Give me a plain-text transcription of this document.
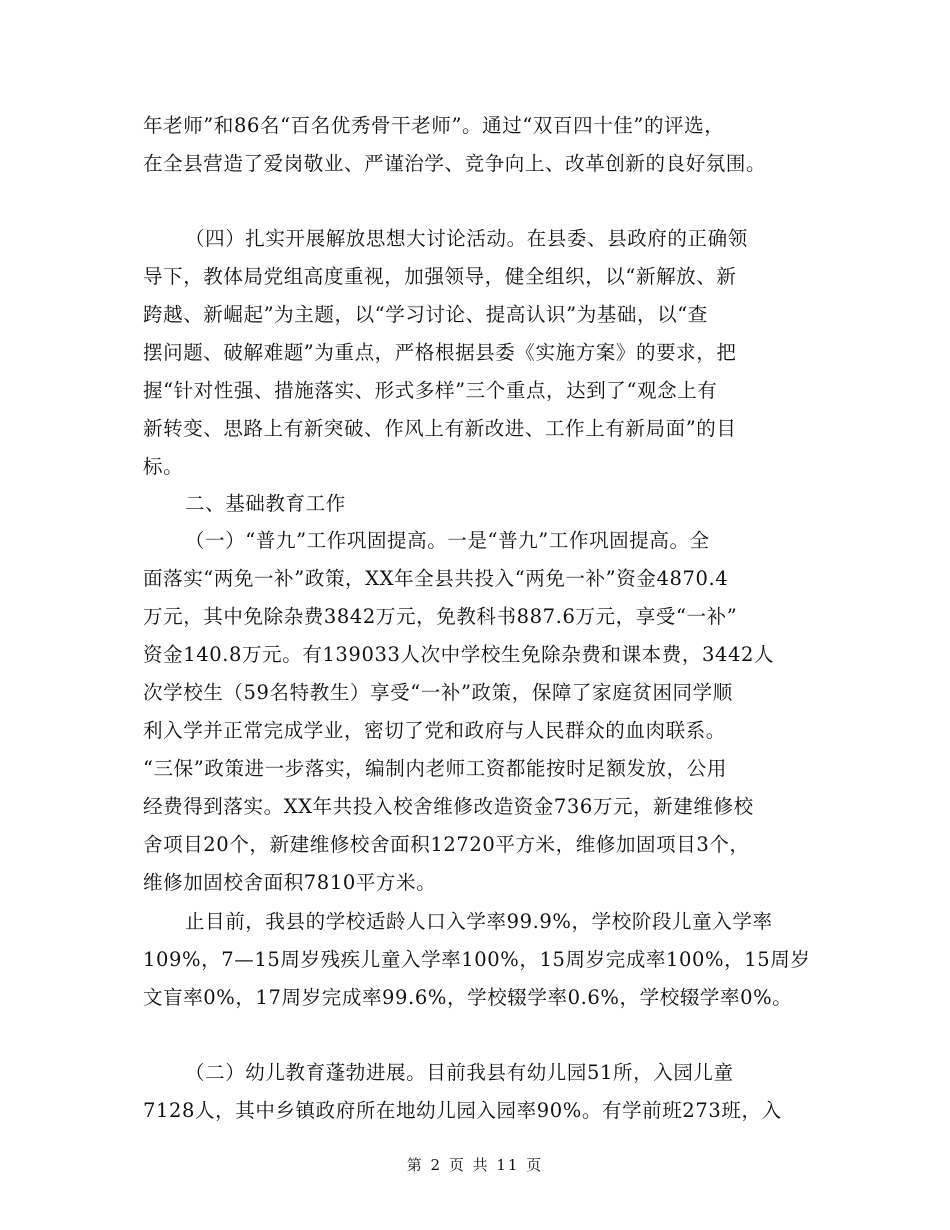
年老师”和86名“百名优秀骨干老师”。通过“双百四十佳”的评选，
在全县营造了爱岗敬业、严谨治学、竞争向上、改革创新的良好氛围。
（四）扎实开展解放思想大讨论活动。在县委、县政府的正确领
导下，教体局党组高度重视，加强领导，健全组织，以“新解放、新
跨越、新崛起”为主题，以“学习讨论、提高认识”为基础，以“查
摆问题、破解难题”为重点，严格根据县委《实施方案》的要求，把
握“针对性强、措施落实、形式多样”三个重点，达到了“观念上有
新转变、思路上有新突破、作风上有新改进、工作上有新局面”的目
标。
二、基础教育工作
（一）“普九”工作巩固提高。一是“普九”工作巩固提高。全
面落实“两免一补”政策，XX年全县共投入“两免一补”资金4870.4
万元，其中免除杂费3842万元，免教科书887.6万元，享受“一补”
资金140.8万元。有139033人次中学校生免除杂费和课本费，3442人
次学校生（59名特教生）享受“一补”政策，保障了家庭贫困同学顺
利入学并正常完成学业，密切了党和政府与人民群众的血肉联系。
“三保”政策进一步落实，编制内老师工资都能按时足额发放，公用
经费得到落实。XX年共投入校舍维修改造资金736万元，新建维修校
舍项目20个，新建维修校舍面积12720平方米，维修加固项目3个，
维修加固校舍面积7810平方米。
止目前，我县的学校适龄人口入学率99.9%，学校阶段儿童入学率
109%，7—15周岁残疾儿童入学率100%，15周岁完成率100%，15周岁
文盲率0%，17周岁完成率99.6%，学校辍学率0.6%，学校辍学率0%。
（二）幼儿教育蓬勃进展。目前我县有幼儿园51所，入园儿童
7128人，其中乡镇政府所在地幼儿园入园率90%。有学前班273班，入
第 2 页 共 11 页
